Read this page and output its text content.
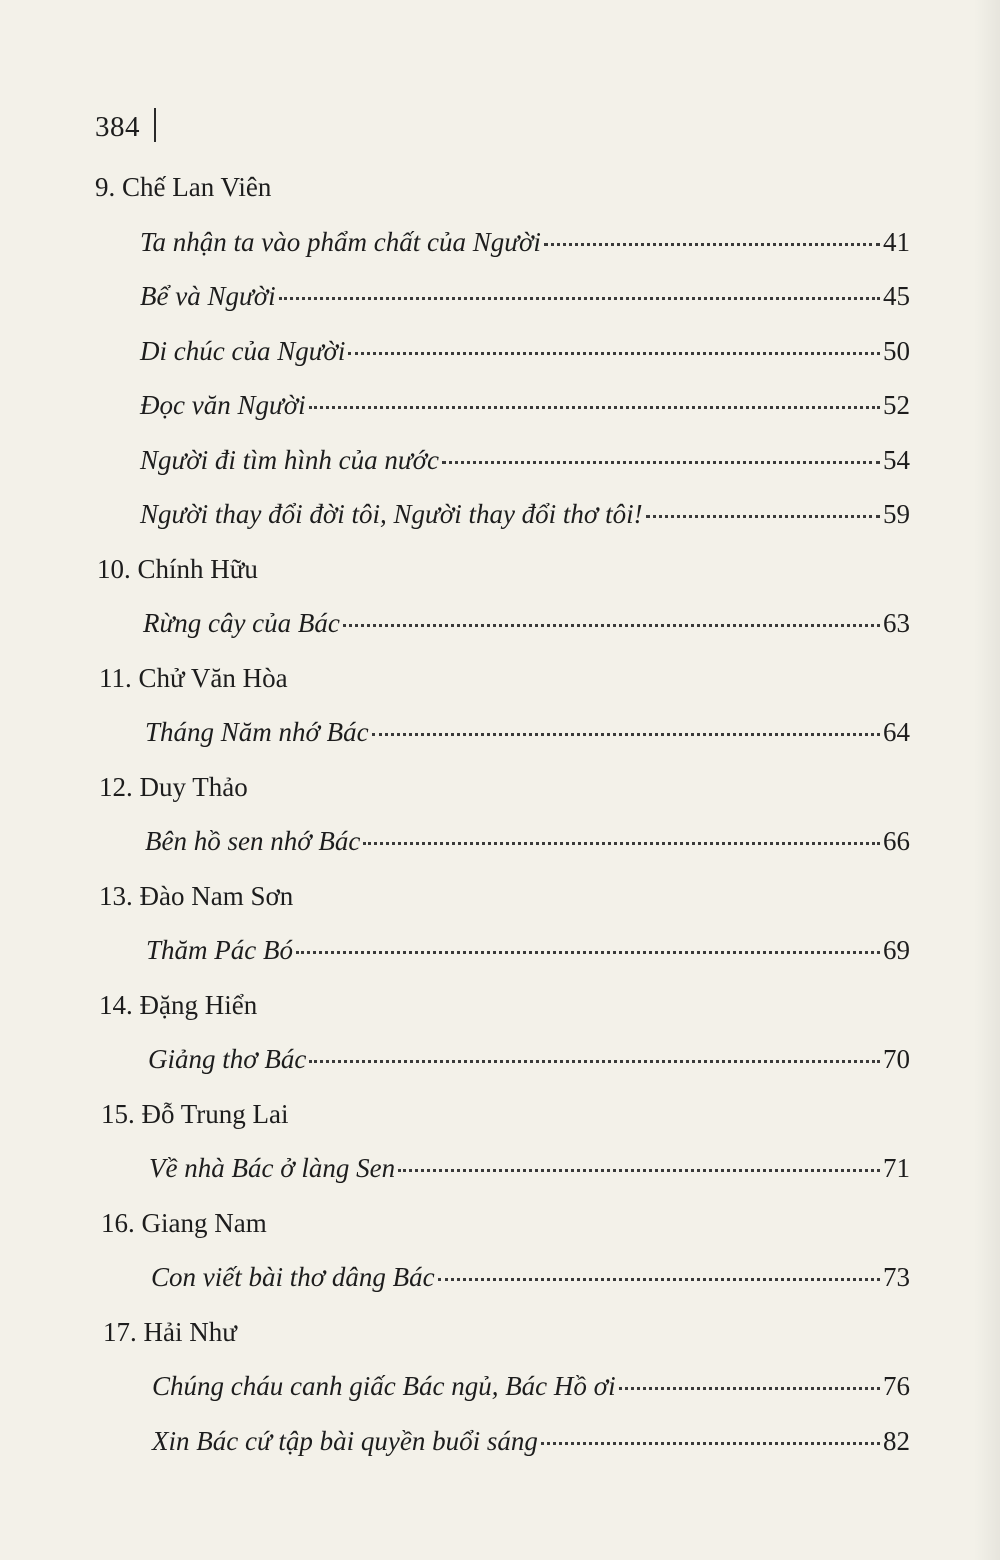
384
9. Chế Lan Viên
Ta nhận ta vào phẩm chất của Người	41
Bể và Người	45
Di chúc của Người	50
Đọc văn Người	52
Người đi tìm hình của nước	54
Người thay đổi đời tôi, Người thay đổi thơ tôi!	59
10. Chính Hữu
Rừng cây của Bác	63
11. Chử Văn Hòa
Tháng Năm nhớ Bác	64
12. Duy Thảo
Bên hồ sen nhớ Bác	66
13. Đào Nam Sơn
Thăm Pác Bó	69
14. Đặng Hiển
Giảng thơ Bác	70
15. Đỗ Trung Lai
Về nhà Bác ở làng Sen	71
16. Giang Nam
Con viết bài thơ dâng Bác	73
17. Hải Như
Chúng cháu canh giấc Bác ngủ, Bác Hồ ơi	76
Xin Bác cứ tập bài quyền buổi sáng	82
